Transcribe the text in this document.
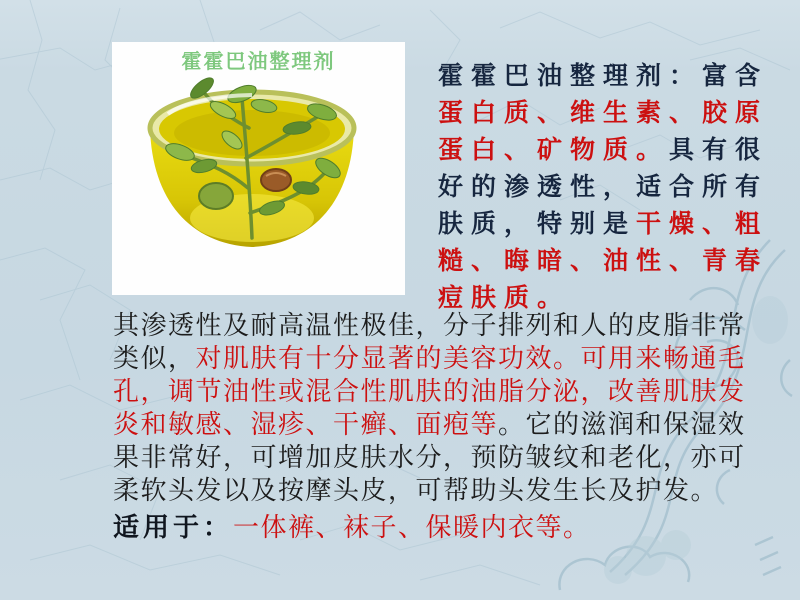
霍霍巴油整理剂	霍霍巴油整理剂：富含
蛋白质、维生素、胶原
蛋白、矿物质。具有很
好的渗透性，适合所有
肤质，特别是干燥、粗
糙、晦暗、油性、青春
痘肤质。
其渗透性及耐高温性极佳，分子排列和人的皮脂非常
类似，对肌肤有十分显著的美容功效。可用来畅通毛
孔，调节油性或混合性肌肤的油脂分泌，改善肌肤发
炎和敏感、湿疹、干癣、面疱等。它的滋润和保湿效
果非常好，可增加皮肤水分，预防皱纹和老化，亦可
柔软头发以及按摩头皮，可帮助头发生长及护发。
适用于：一体裤、袜子、保暖内衣等。
